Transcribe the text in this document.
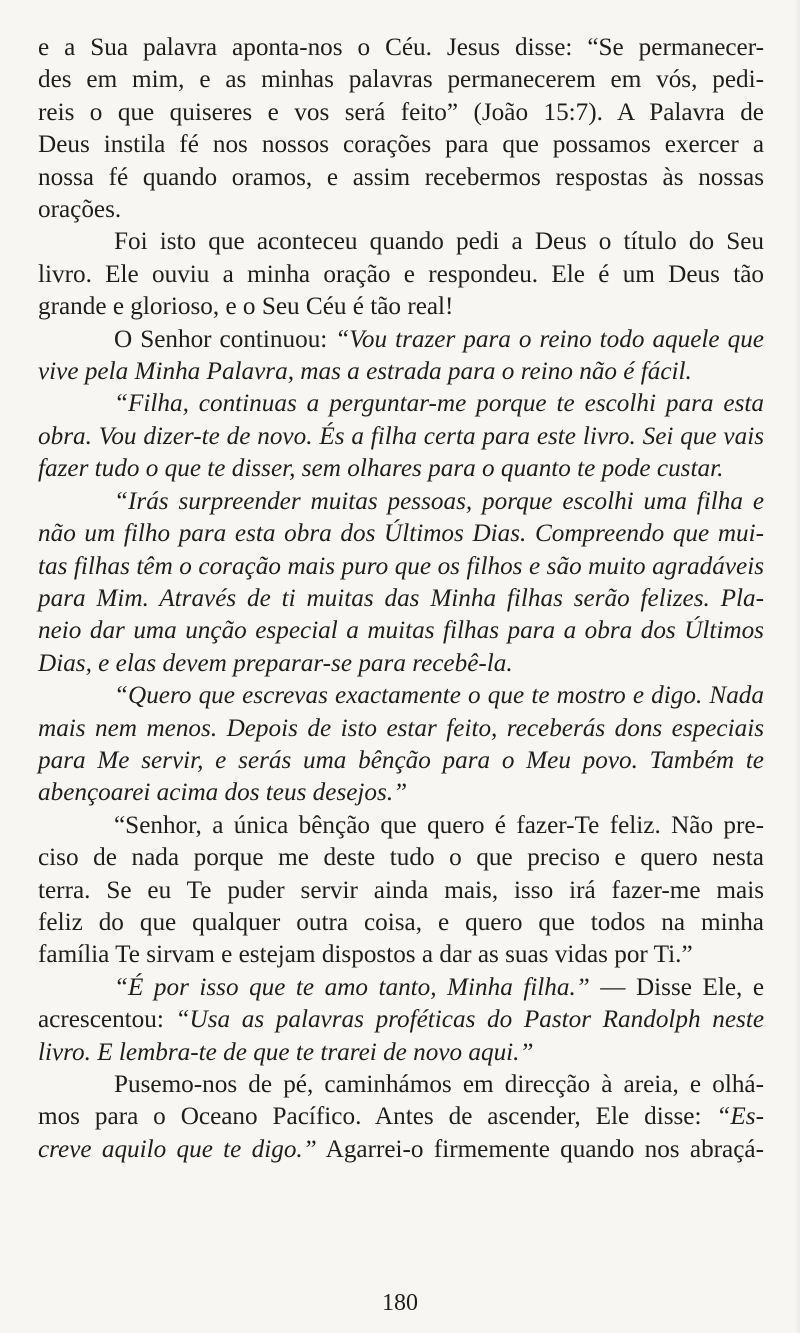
e a Sua palavra aponta-nos o Céu. Jesus disse: “Se permanecer-
des em mim, e as minhas palavras permanecerem em vós, pedi-
reis o que quiseres e vos será feito” (João 15:7). A Palavra de
Deus instila fé nos nossos corações para que possamos exercer a
nossa fé quando oramos, e assim recebermos respostas às nossas
orações.
Foi isto que aconteceu quando pedi a Deus o título do Seu
livro. Ele ouviu a minha oração e respondeu. Ele é um Deus tão
grande e glorioso, e o Seu Céu é tão real!
O Senhor continuou: “Vou trazer para o reino todo aquele que
vive pela Minha Palavra, mas a estrada para o reino não é fácil.
“Filha, continuas a perguntar-me porque te escolhi para esta
obra. Vou dizer-te de novo. És a filha certa para este livro. Sei que vais
fazer tudo o que te disser, sem olhares para o quanto te pode custar.
“Irás surpreender muitas pessoas, porque escolhi uma filha e
não um filho para esta obra dos Últimos Dias. Compreendo que mui-
tas filhas têm o coração mais puro que os filhos e são muito agradáveis
para Mim. Através de ti muitas das Minha filhas serão felizes. Pla-
neio dar uma unção especial a muitas filhas para a obra dos Últimos
Dias, e elas devem preparar-se para recebê-la.
“Quero que escrevas exactamente o que te mostro e digo. Nada
mais nem menos. Depois de isto estar feito, receberás dons especiais
para Me servir, e serás uma bênção para o Meu povo. Também te
abençoarei acima dos teus desejos.”
“Senhor, a única bênção que quero é fazer-Te feliz. Não pre-
ciso de nada porque me deste tudo o que preciso e quero nesta
terra. Se eu Te puder servir ainda mais, isso irá fazer-me mais
feliz do que qualquer outra coisa, e quero que todos na minha
família Te sirvam e estejam dispostos a dar as suas vidas por Ti.”
“É por isso que te amo tanto, Minha filha.” — Disse Ele, e
acrescentou: “Usa as palavras proféticas do Pastor Randolph neste
livro. E lembra-te de que te trarei de novo aqui.”
Pusemo-nos de pé, caminhámos em direcção à areia, e olhá-
mos para o Oceano Pacífico. Antes de ascender, Ele disse: “Es-
creve aquilo que te digo.” Agarrei-o firmemente quando nos abraçá-
180
